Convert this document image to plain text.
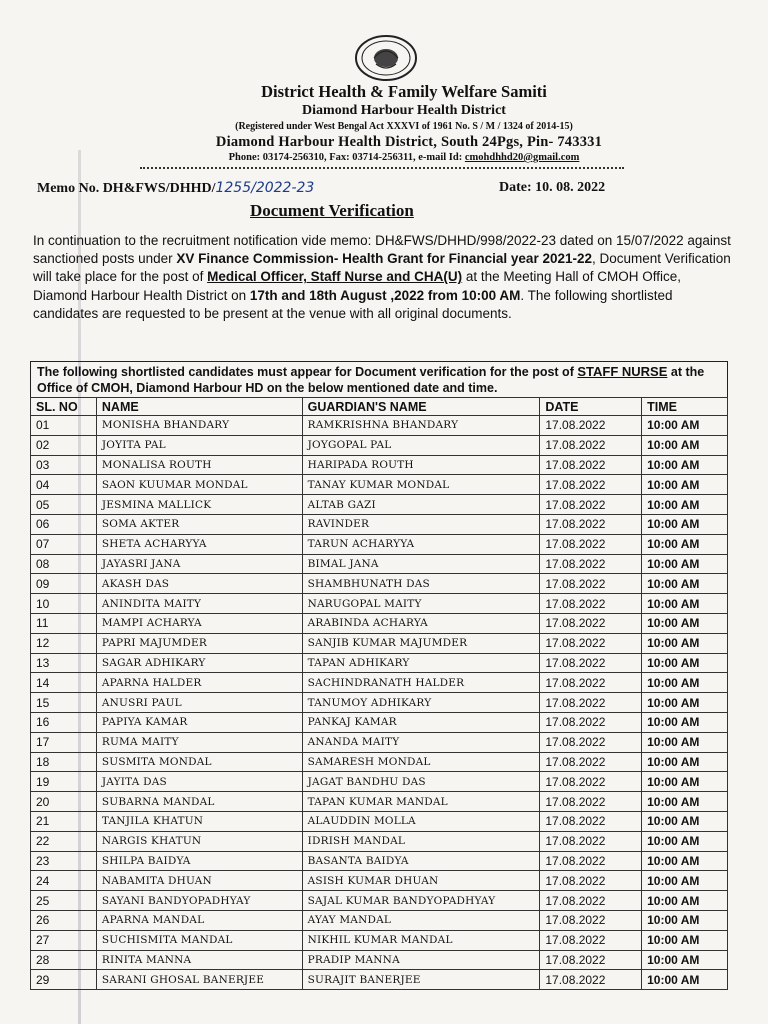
District Health & Family Welfare Samiti
Diamond Harbour Health District
(Registered under West Bengal Act XXXVI of 1961 No. S / M / 1324 of 2014-15)
Diamond Harbour Health District, South 24Pgs, Pin- 743331
Phone: 03174-256310, Fax: 03714-256311, e-mail Id: cmohdhhd20@gmail.com
Memo No. DH&FWS/DHHD/1255/2022-23	Date: 10. 08. 2022
Document Verification
In continuation to the recruitment notification vide memo: DH&FWS/DHHD/998/2022-23 dated on 15/07/2022 against sanctioned posts under XV Finance Commission- Health Grant for Financial year 2021-22, Document Verification will take place for the post of Medical Officer, Staff Nurse and CHA(U) at the Meeting Hall of CMOH Office, Diamond Harbour Health District on 17th and 18th August ,2022 from 10:00 AM. The following shortlisted candidates are requested to be present at the venue with all original documents.
The following shortlisted candidates must appear for Document verification for the post of STAFF NURSE at the Office of CMOH, Diamond Harbour HD on the below mentioned date and time.
SL. NO	NAME	GUARDIAN'S NAME	DATE	TIME
01	MONISHA BHANDARY	RAMKRISHNA BHANDARY	17.08.2022	10:00 AM
02	JOYITA PAL	JOYGOPAL PAL	17.08.2022	10:00 AM
03	MONALISA ROUTH	HARIPADA ROUTH	17.08.2022	10:00 AM
04	SAON KUUMAR MONDAL	TANAY KUMAR MONDAL	17.08.2022	10:00 AM
05	JESMINA MALLICK	ALTAB GAZI	17.08.2022	10:00 AM
06	SOMA AKTER	RAVINDER	17.08.2022	10:00 AM
07	SHETA ACHARYYA	TARUN ACHARYYA	17.08.2022	10:00 AM
08	JAYASRI JANA	BIMAL JANA	17.08.2022	10:00 AM
09	AKASH DAS	SHAMBHUNATH DAS	17.08.2022	10:00 AM
10	ANINDITA MAITY	NARUGOPAL MAITY	17.08.2022	10:00 AM
11	MAMPI ACHARYA	ARABINDA ACHARYA	17.08.2022	10:00 AM
12	PAPRI MAJUMDER	SANJIB KUMAR MAJUMDER	17.08.2022	10:00 AM
13	SAGAR ADHIKARY	TAPAN ADHIKARY	17.08.2022	10:00 AM
14	APARNA HALDER	SACHINDRANATH HALDER	17.08.2022	10:00 AM
15	ANUSRI PAUL	TANUMOY ADHIKARY	17.08.2022	10:00 AM
16	PAPIYA KAMAR	PANKAJ KAMAR	17.08.2022	10:00 AM
17	RUMA MAITY	ANANDA MAITY	17.08.2022	10:00 AM
18	SUSMITA MONDAL	SAMARESH MONDAL	17.08.2022	10:00 AM
19	JAYITA DAS	JAGAT BANDHU DAS	17.08.2022	10:00 AM
20	SUBARNA MANDAL	TAPAN KUMAR MANDAL	17.08.2022	10:00 AM
21	TANJILA KHATUN	ALAUDDIN MOLLA	17.08.2022	10:00 AM
22	NARGIS KHATUN	IDRISH MANDAL	17.08.2022	10:00 AM
23	SHILPA BAIDYA	BASANTA BAIDYA	17.08.2022	10:00 AM
24	NABAMITA DHUAN	ASISH KUMAR DHUAN	17.08.2022	10:00 AM
25	SAYANI BANDYOPADHYAY	SAJAL KUMAR BANDYOPADHYAY	17.08.2022	10:00 AM
26	APARNA MANDAL	AYAY MANDAL	17.08.2022	10:00 AM
27	SUCHISMITA MANDAL	NIKHIL KUMAR MANDAL	17.08.2022	10:00 AM
28	RINITA MANNA	PRADIP MANNA	17.08.2022	10:00 AM
29	SARANI GHOSAL BANERJEE	SURAJIT BANERJEE	17.08.2022	10:00 AM
